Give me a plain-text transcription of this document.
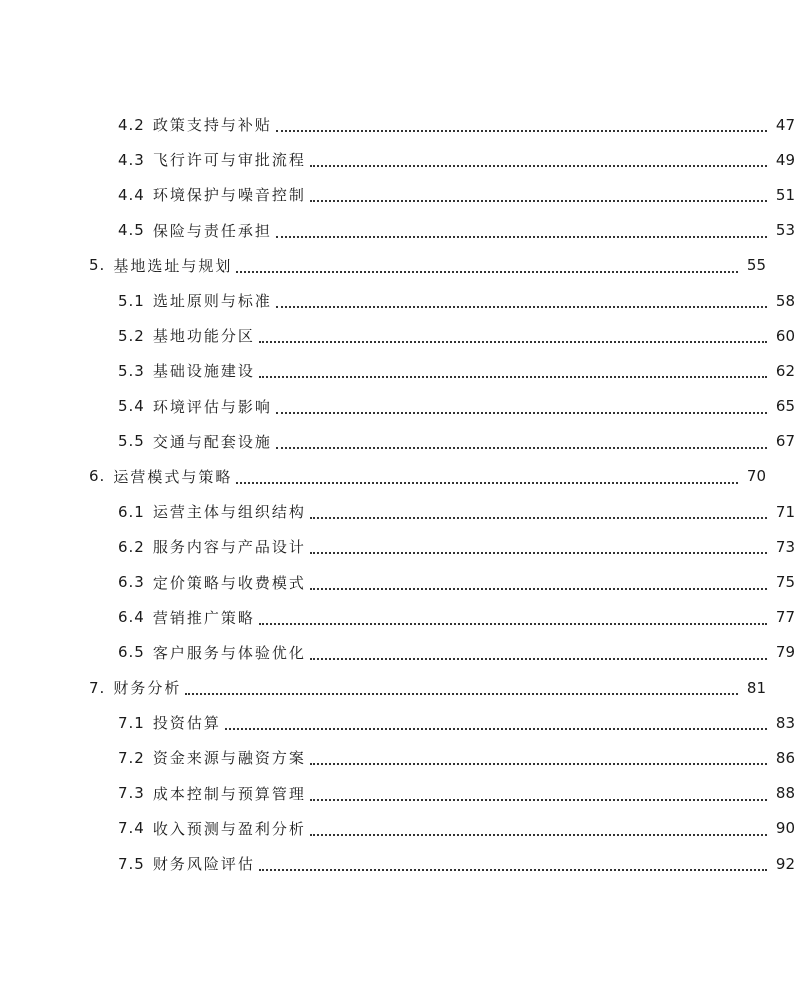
4.2 政策支持与补贴	47
4.3 飞行许可与审批流程	49
4.4 环境保护与噪音控制	51
4.5 保险与责任承担	53
5. 基地选址与规划	55
5.1 选址原则与标准	58
5.2 基地功能分区	60
5.3 基础设施建设	62
5.4 环境评估与影响	65
5.5 交通与配套设施	67
6. 运营模式与策略	70
6.1 运营主体与组织结构	71
6.2 服务内容与产品设计	73
6.3 定价策略与收费模式	75
6.4 营销推广策略	77
6.5 客户服务与体验优化	79
7. 财务分析	81
7.1 投资估算	83
7.2 资金来源与融资方案	86
7.3 成本控制与预算管理	88
7.4 收入预测与盈利分析	90
7.5 财务风险评估	92
